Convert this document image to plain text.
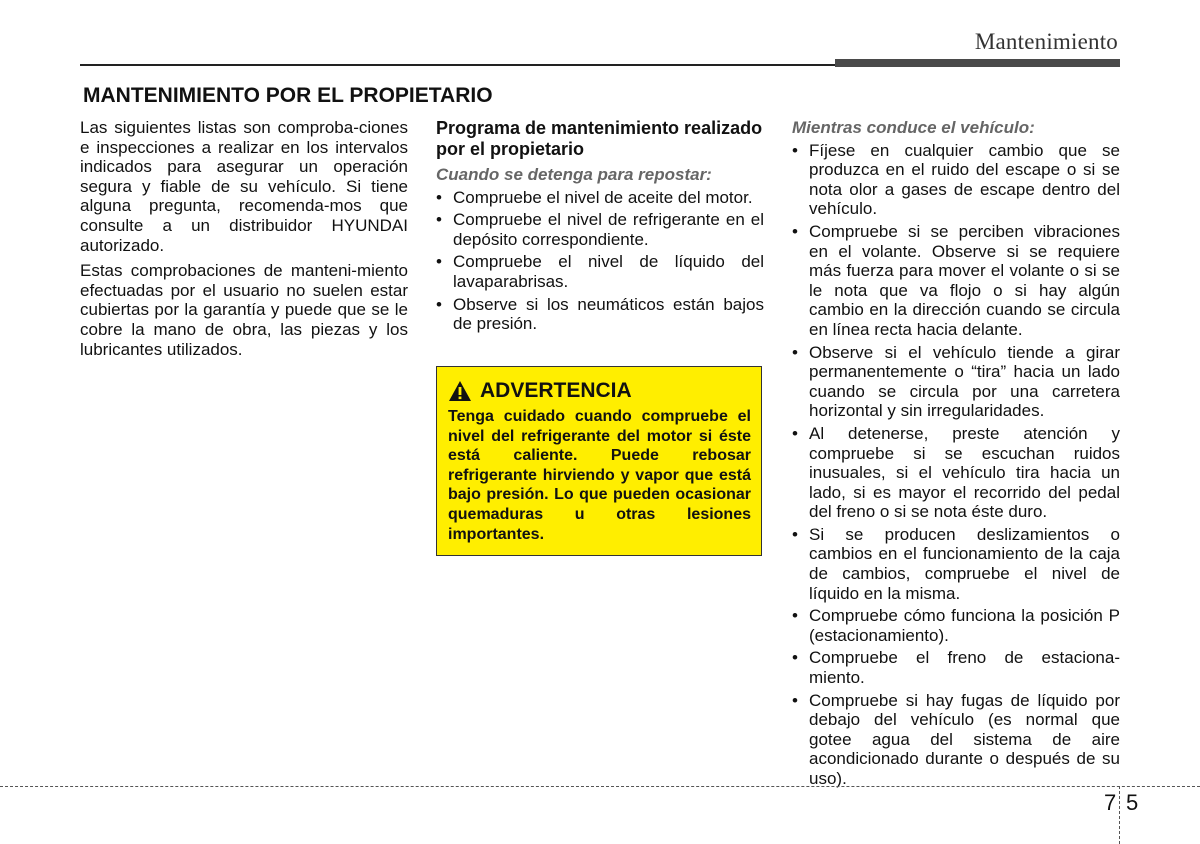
Mantenimiento
MANTENIMIENTO POR EL PROPIETARIO

Las siguientes listas son comproba-ciones e inspecciones a realizar en los intervalos indicados para asegurar un operación segura y fiable de su vehículo. Si tiene alguna pregunta, recomenda-mos que consulte a un distribuidor HYUNDAI autorizado.

Estas comprobaciones de manteni-miento efectuadas por el usuario no suelen estar cubiertas por la garantía y puede que se le cobre la mano de obra, las piezas y los lubricantes utilizados.

Programa de mantenimiento realizado por el propietario
Cuando se detenga para repostar:
• Compruebe el nivel de aceite del motor.
• Compruebe el nivel de refrigerante en el depósito correspondiente.
• Compruebe el nivel de líquido del lavaparabrisas.
• Observe si los neumáticos están bajos de presión.
ADVERTENCIA

Tenga cuidado cuando compruebe el nivel del refrigerante del motor si éste está caliente. Puede rebosar refrigerante hirviendo y vapor que está bajo presión. Lo que pueden ocasionar quemaduras u otras lesiones importantes.

Mientras conduce el vehículo:
• Fíjese en cualquier cambio que se produzca en el ruido del escape o si se nota olor a gases de escape dentro del vehículo.
• Compruebe si se perciben vibraciones en el volante. Observe si se requiere más fuerza para mover el volante o si se le nota que va flojo o si hay algún cambio en la dirección cuando se circula en línea recta hacia delante.
• Observe si el vehículo tiende a girar permanentemente o “tira” hacia un lado cuando se circula por una carretera horizontal y sin irregularidades.
• Al detenerse, preste atención y compruebe si se escuchan ruidos inusuales, si el vehículo tira hacia un lado, si es mayor el recorrido del pedal del freno o si se nota éste duro.
• Si se producen deslizamientos o cambios en el funcionamiento de la caja de cambios, compruebe el nivel de líquido en la misma.
• Compruebe cómo funciona la posición P (estacionamiento).
• Compruebe el freno de estaciona-miento.
• Compruebe si hay fugas de líquido por debajo del vehículo (es normal que gotee agua del sistema de aire acondicionado durante o después de su uso).
7 5
